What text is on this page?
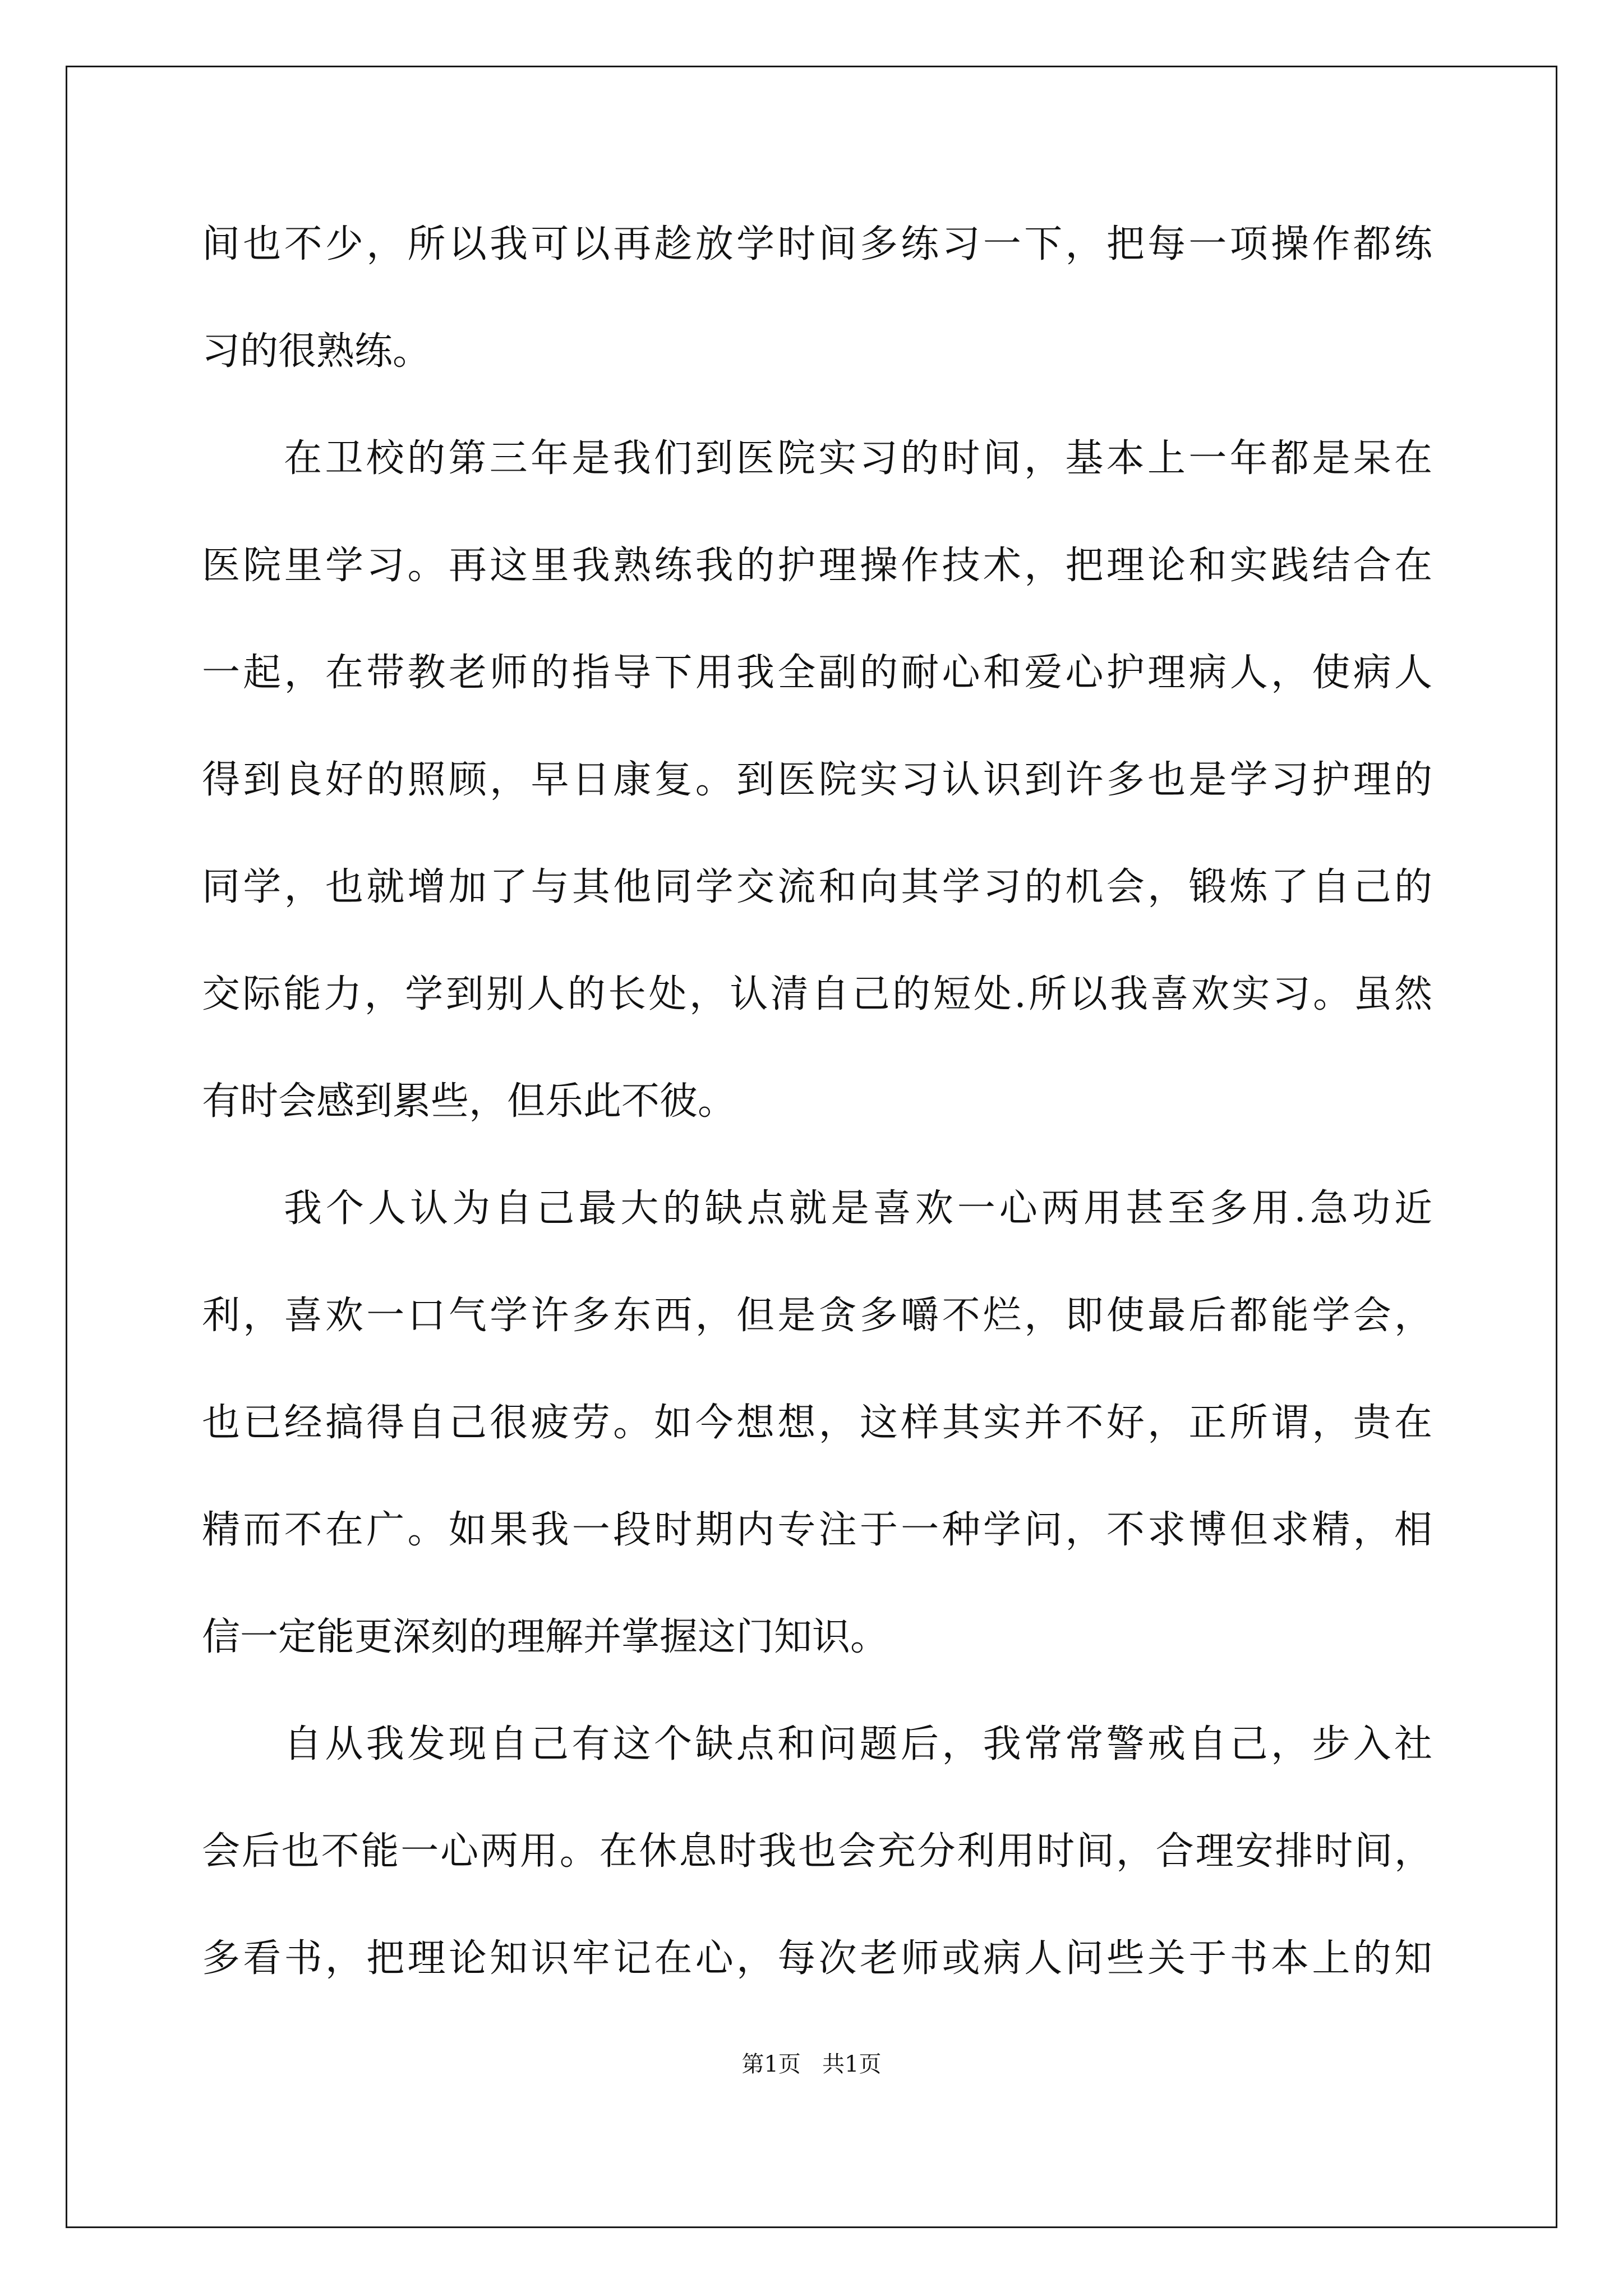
间也不少，所以我可以再趁放学时间多练习一下，把每一项操作都练
习的很熟练。
在卫校的第三年是我们到医院实习的时间，基本上一年都是呆在
医院里学习。再这里我熟练我的护理操作技术，把理论和实践结合在
一起，在带教老师的指导下用我全副的耐心和爱心护理病人，使病人
得到良好的照顾，早日康复。到医院实习认识到许多也是学习护理的
同学，也就增加了与其他同学交流和向其学习的机会，锻炼了自己的
交际能力，学到别人的长处，认清自己的短处.所以我喜欢实习。虽然
有时会感到累些，但乐此不彼。
我个人认为自己最大的缺点就是喜欢一心两用甚至多用.急功近
利，喜欢一口气学许多东西，但是贪多嚼不烂，即使最后都能学会，
也已经搞得自己很疲劳。如今想想，这样其实并不好，正所谓，贵在
精而不在广。如果我一段时期内专注于一种学问，不求博但求精，相
信一定能更深刻的理解并掌握这门知识。
自从我发现自己有这个缺点和问题后，我常常警戒自己，步入社
会后也不能一心两用。在休息时我也会充分利用时间，合理安排时间，
多看书，把理论知识牢记在心，每次老师或病人问些关于书本上的知
第1页   共1页
